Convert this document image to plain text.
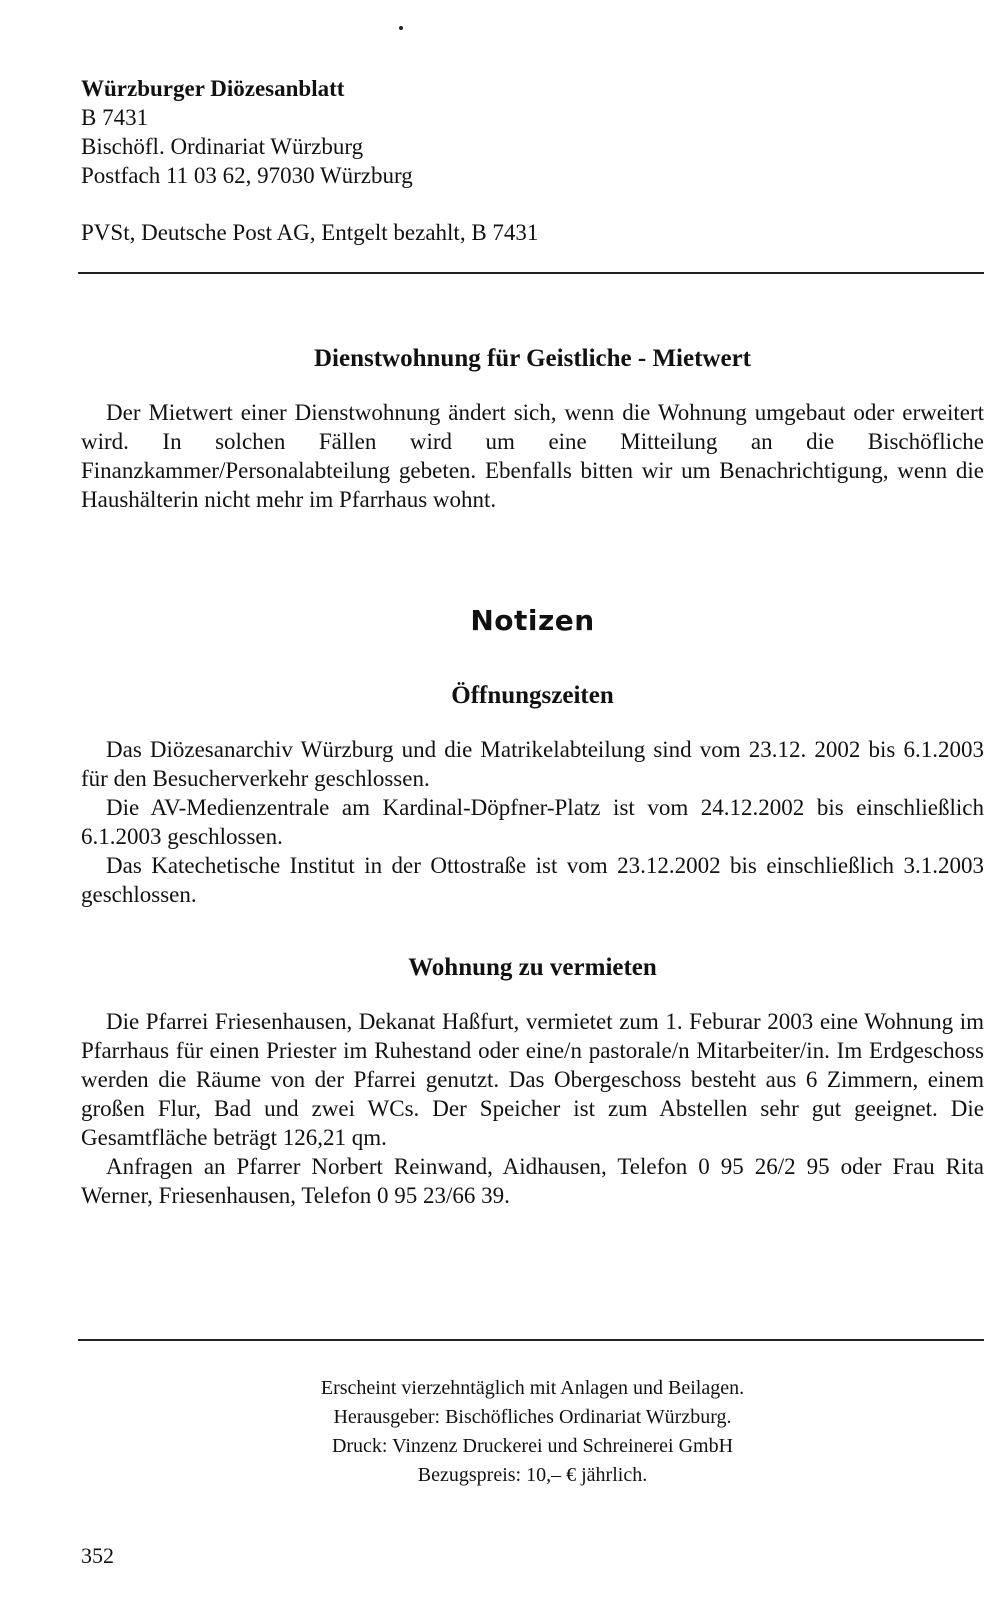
Würzburger Diözesanblatt
B 7431
Bischöfl. Ordinariat Würzburg
Postfach 11 03 62, 97030 Würzburg
PVSt, Deutsche Post AG, Entgelt bezahlt, B 7431
Dienstwohnung für Geistliche - Mietwert

Der Mietwert einer Dienstwohnung ändert sich, wenn die Wohnung umgebaut oder erweitert wird. In solchen Fällen wird um eine Mitteilung an die Bischöfliche Finanzkammer/Personalabteilung gebeten. Ebenfalls bitten wir um Benachrichtigung, wenn die Haushälterin nicht mehr im Pfarrhaus wohnt.

Notizen
Öffnungszeiten

Das Diözesanarchiv Würzburg und die Matrikelabteilung sind vom 23.12. 2002 bis 6.1.2003 für den Besucherverkehr geschlossen.

Die AV-Medienzentrale am Kardinal-Döpfner-Platz ist vom 24.12.2002 bis einschließlich 6.1.2003 geschlossen.

Das Katechetische Institut in der Ottostraße ist vom 23.12.2002 bis einschließlich 3.1.2003 geschlossen.

Wohnung zu vermieten

Die Pfarrei Friesenhausen, Dekanat Haßfurt, vermietet zum 1. Feburar 2003 eine Wohnung im Pfarrhaus für einen Priester im Ruhestand oder eine/n pastorale/n Mitarbeiter/in. Im Erdgeschoss werden die Räume von der Pfarrei genutzt. Das Obergeschoss besteht aus 6 Zimmern, einem großen Flur, Bad und zwei WCs. Der Speicher ist zum Abstellen sehr gut geeignet. Die Gesamtfläche beträgt 126,21 qm.

Anfragen an Pfarrer Norbert Reinwand, Aidhausen, Telefon 0 95 26/2 95 oder Frau Rita Werner, Friesenhausen, Telefon 0 95 23/66 39.

Erscheint vierzehntäglich mit Anlagen und Beilagen.
Herausgeber: Bischöfliches Ordinariat Würzburg.
Druck: Vinzenz Druckerei und Schreinerei GmbH
Bezugspreis: 10,– € jährlich.
352
